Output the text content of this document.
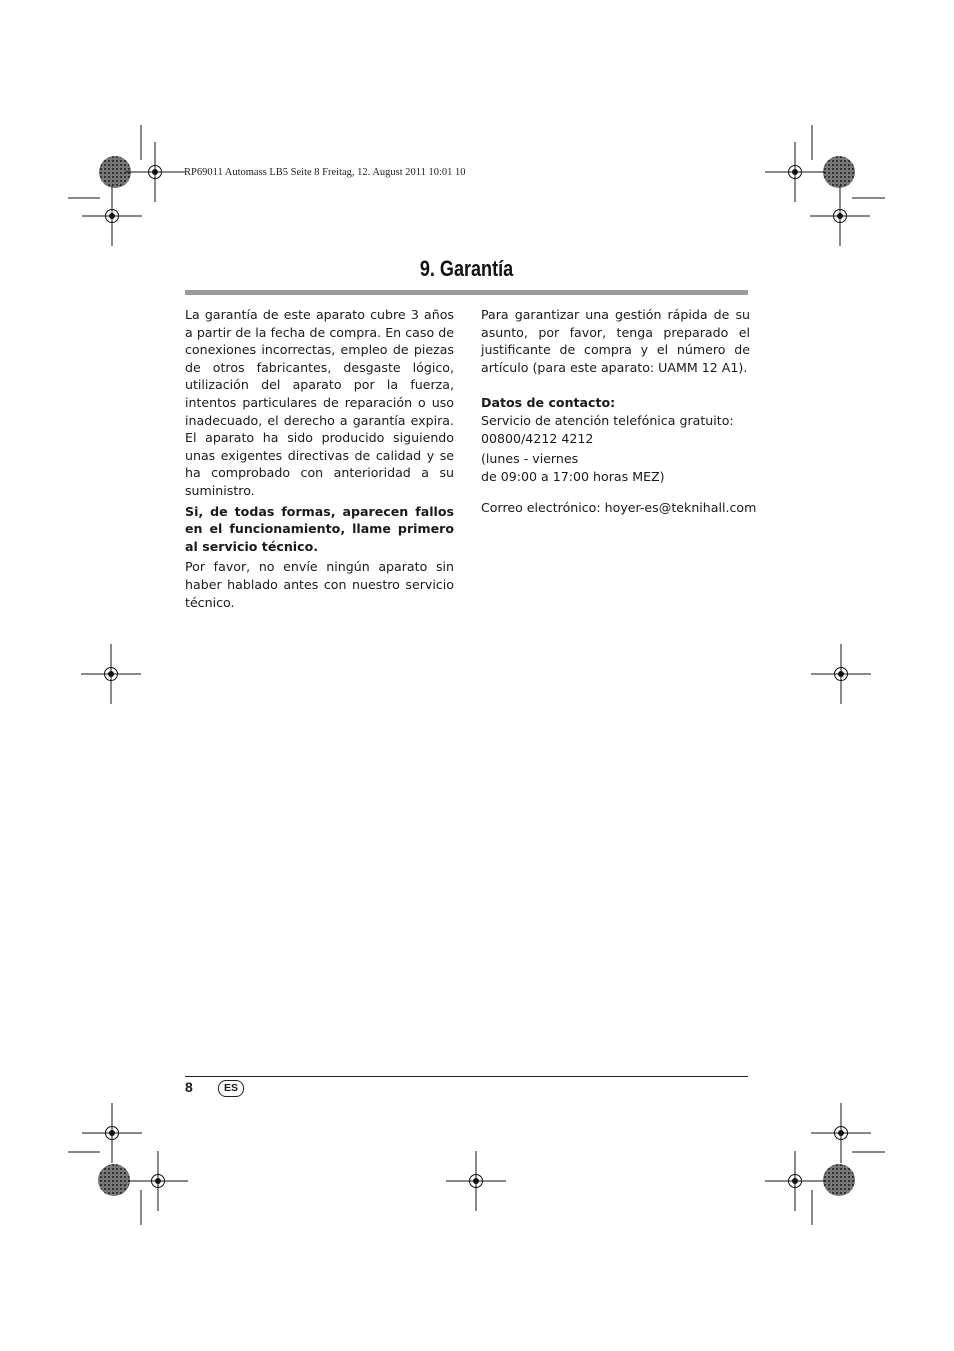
RP69011 Automass LB5 Seite 8 Freitag, 12. August 2011 10:01 10
9. Garantía

La garantía de este aparato cubre 3 años a partir de la fecha de compra. En caso de conexiones incorrectas, empleo de piezas de otros fabricantes, desgaste lógico, utilización del aparato por la fuerza, intentos particulares de reparación o uso inadecuado, el derecho a garantía expira. El aparato ha sido producido siguiendo unas exigentes directivas de calidad y se ha comprobado con anterioridad a su suministro.

Si, de todas formas, aparecen fallos en el funcionamiento, llame primero al servicio técnico.

Por favor, no envíe ningún aparato sin haber hablado antes con nuestro servicio técnico.

Para garantizar una gestión rápida de su asunto, por favor, tenga preparado el justificante de compra y el número de artículo (para este aparato: UAMM 12 A1).

Datos de contacto:

Servicio de atención telefónica gratuito:
00800/4212 4212
(lunes - viernes
de 09:00 a 17:00 horas MEZ)
Correo electrónico: hoyer-es@teknihall.com
8	ES
